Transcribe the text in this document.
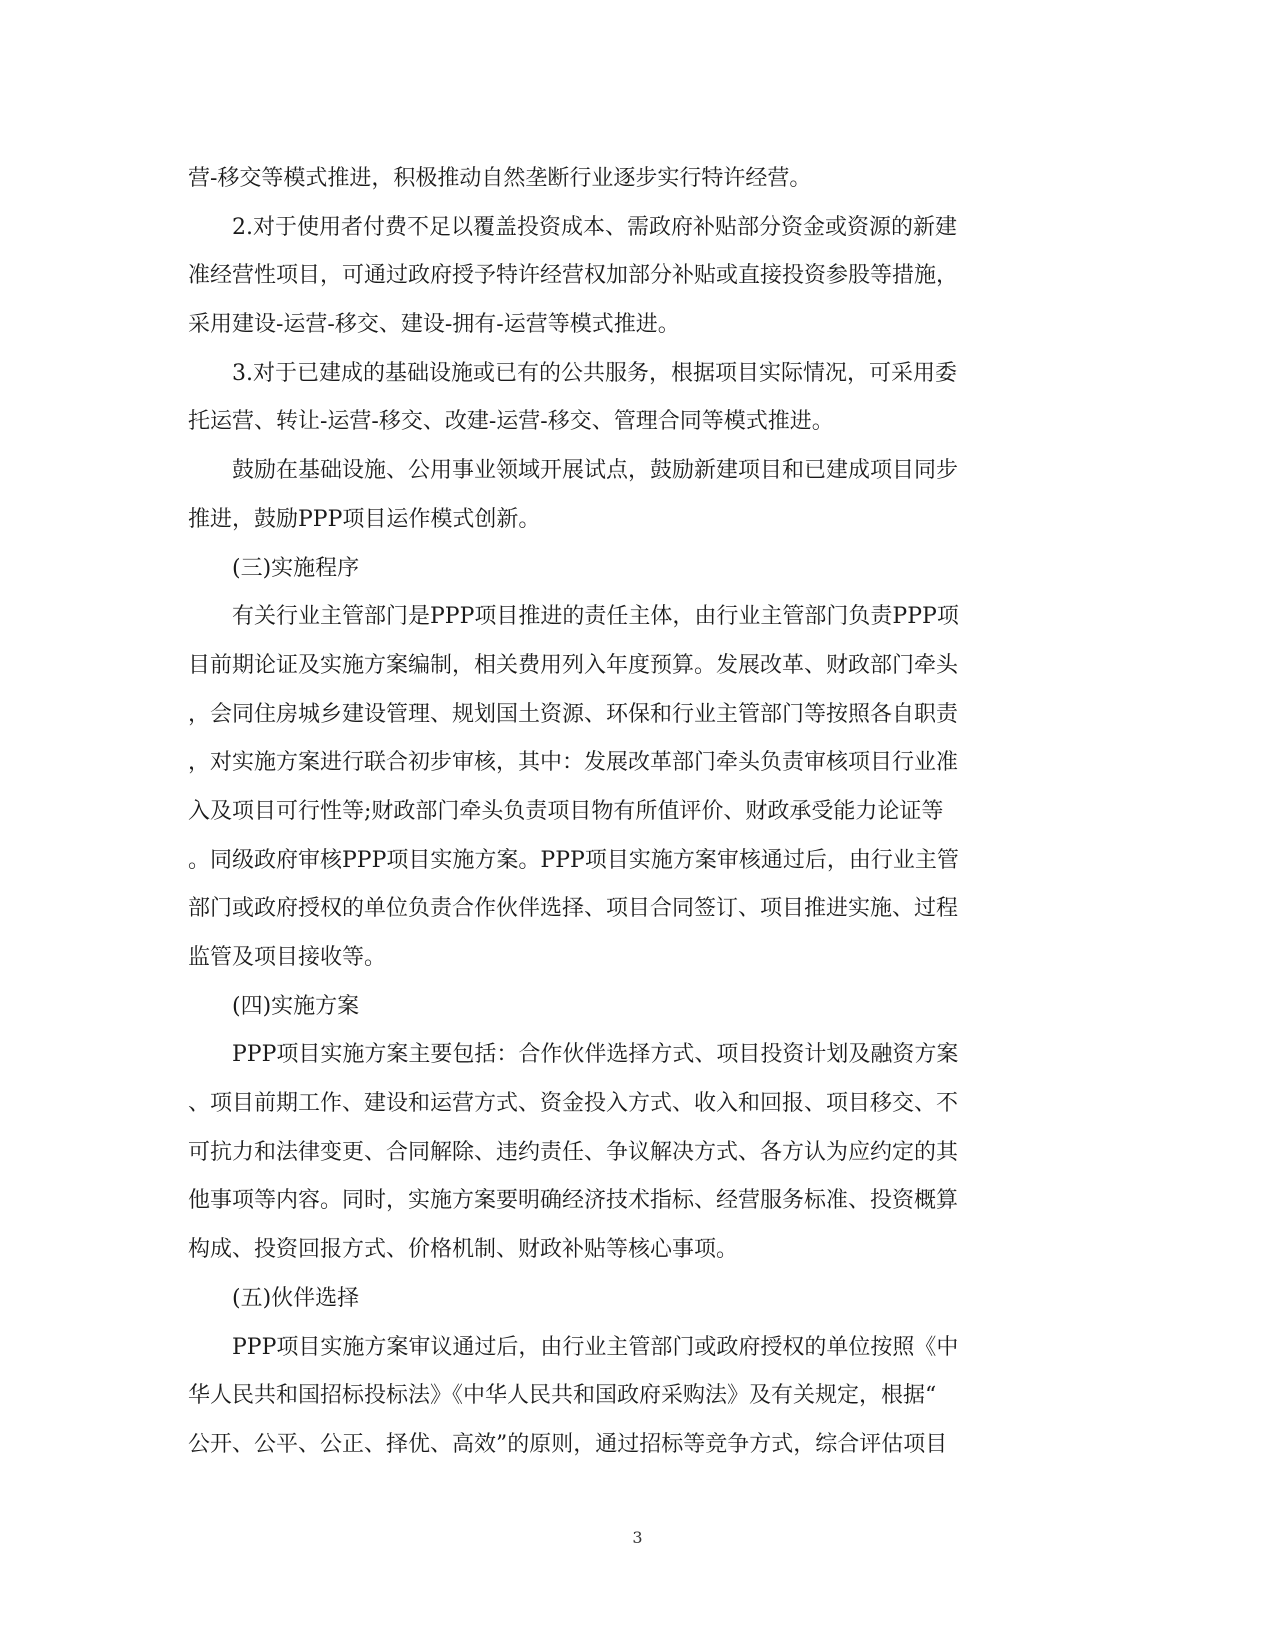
营-移交等模式推进，积极推动自然垄断行业逐步实行特许经营。
2.对于使用者付费不足以覆盖投资成本、需政府补贴部分资金或资源的新建
准经营性项目，可通过政府授予特许经营权加部分补贴或直接投资参股等措施，
采用建设-运营-移交、建设-拥有-运营等模式推进。
3.对于已建成的基础设施或已有的公共服务，根据项目实际情况，可采用委
托运营、转让-运营-移交、改建-运营-移交、管理合同等模式推进。
鼓励在基础设施、公用事业领域开展试点，鼓励新建项目和已建成项目同步
推进，鼓励PPP项目运作模式创新。
(三)实施程序
有关行业主管部门是PPP项目推进的责任主体，由行业主管部门负责PPP项
目前期论证及实施方案编制，相关费用列入年度预算。发展改革、财政部门牵头
，会同住房城乡建设管理、规划国土资源、环保和行业主管部门等按照各自职责
，对实施方案进行联合初步审核，其中：发展改革部门牵头负责审核项目行业准
入及项目可行性等;财政部门牵头负责项目物有所值评价、财政承受能力论证等
。同级政府审核PPP项目实施方案。PPP项目实施方案审核通过后，由行业主管
部门或政府授权的单位负责合作伙伴选择、项目合同签订、项目推进实施、过程
监管及项目接收等。
(四)实施方案
PPP项目实施方案主要包括：合作伙伴选择方式、项目投资计划及融资方案
、项目前期工作、建设和运营方式、资金投入方式、收入和回报、项目移交、不
可抗力和法律变更、合同解除、违约责任、争议解决方式、各方认为应约定的其
他事项等内容。同时，实施方案要明确经济技术指标、经营服务标准、投资概算
构成、投资回报方式、价格机制、财政补贴等核心事项。
(五)伙伴选择
PPP项目实施方案审议通过后，由行业主管部门或政府授权的单位按照《中
华人民共和国招标投标法》《中华人民共和国政府采购法》及有关规定，根据“
公开、公平、公正、择优、高效”的原则，通过招标等竞争方式，综合评估项目
3
